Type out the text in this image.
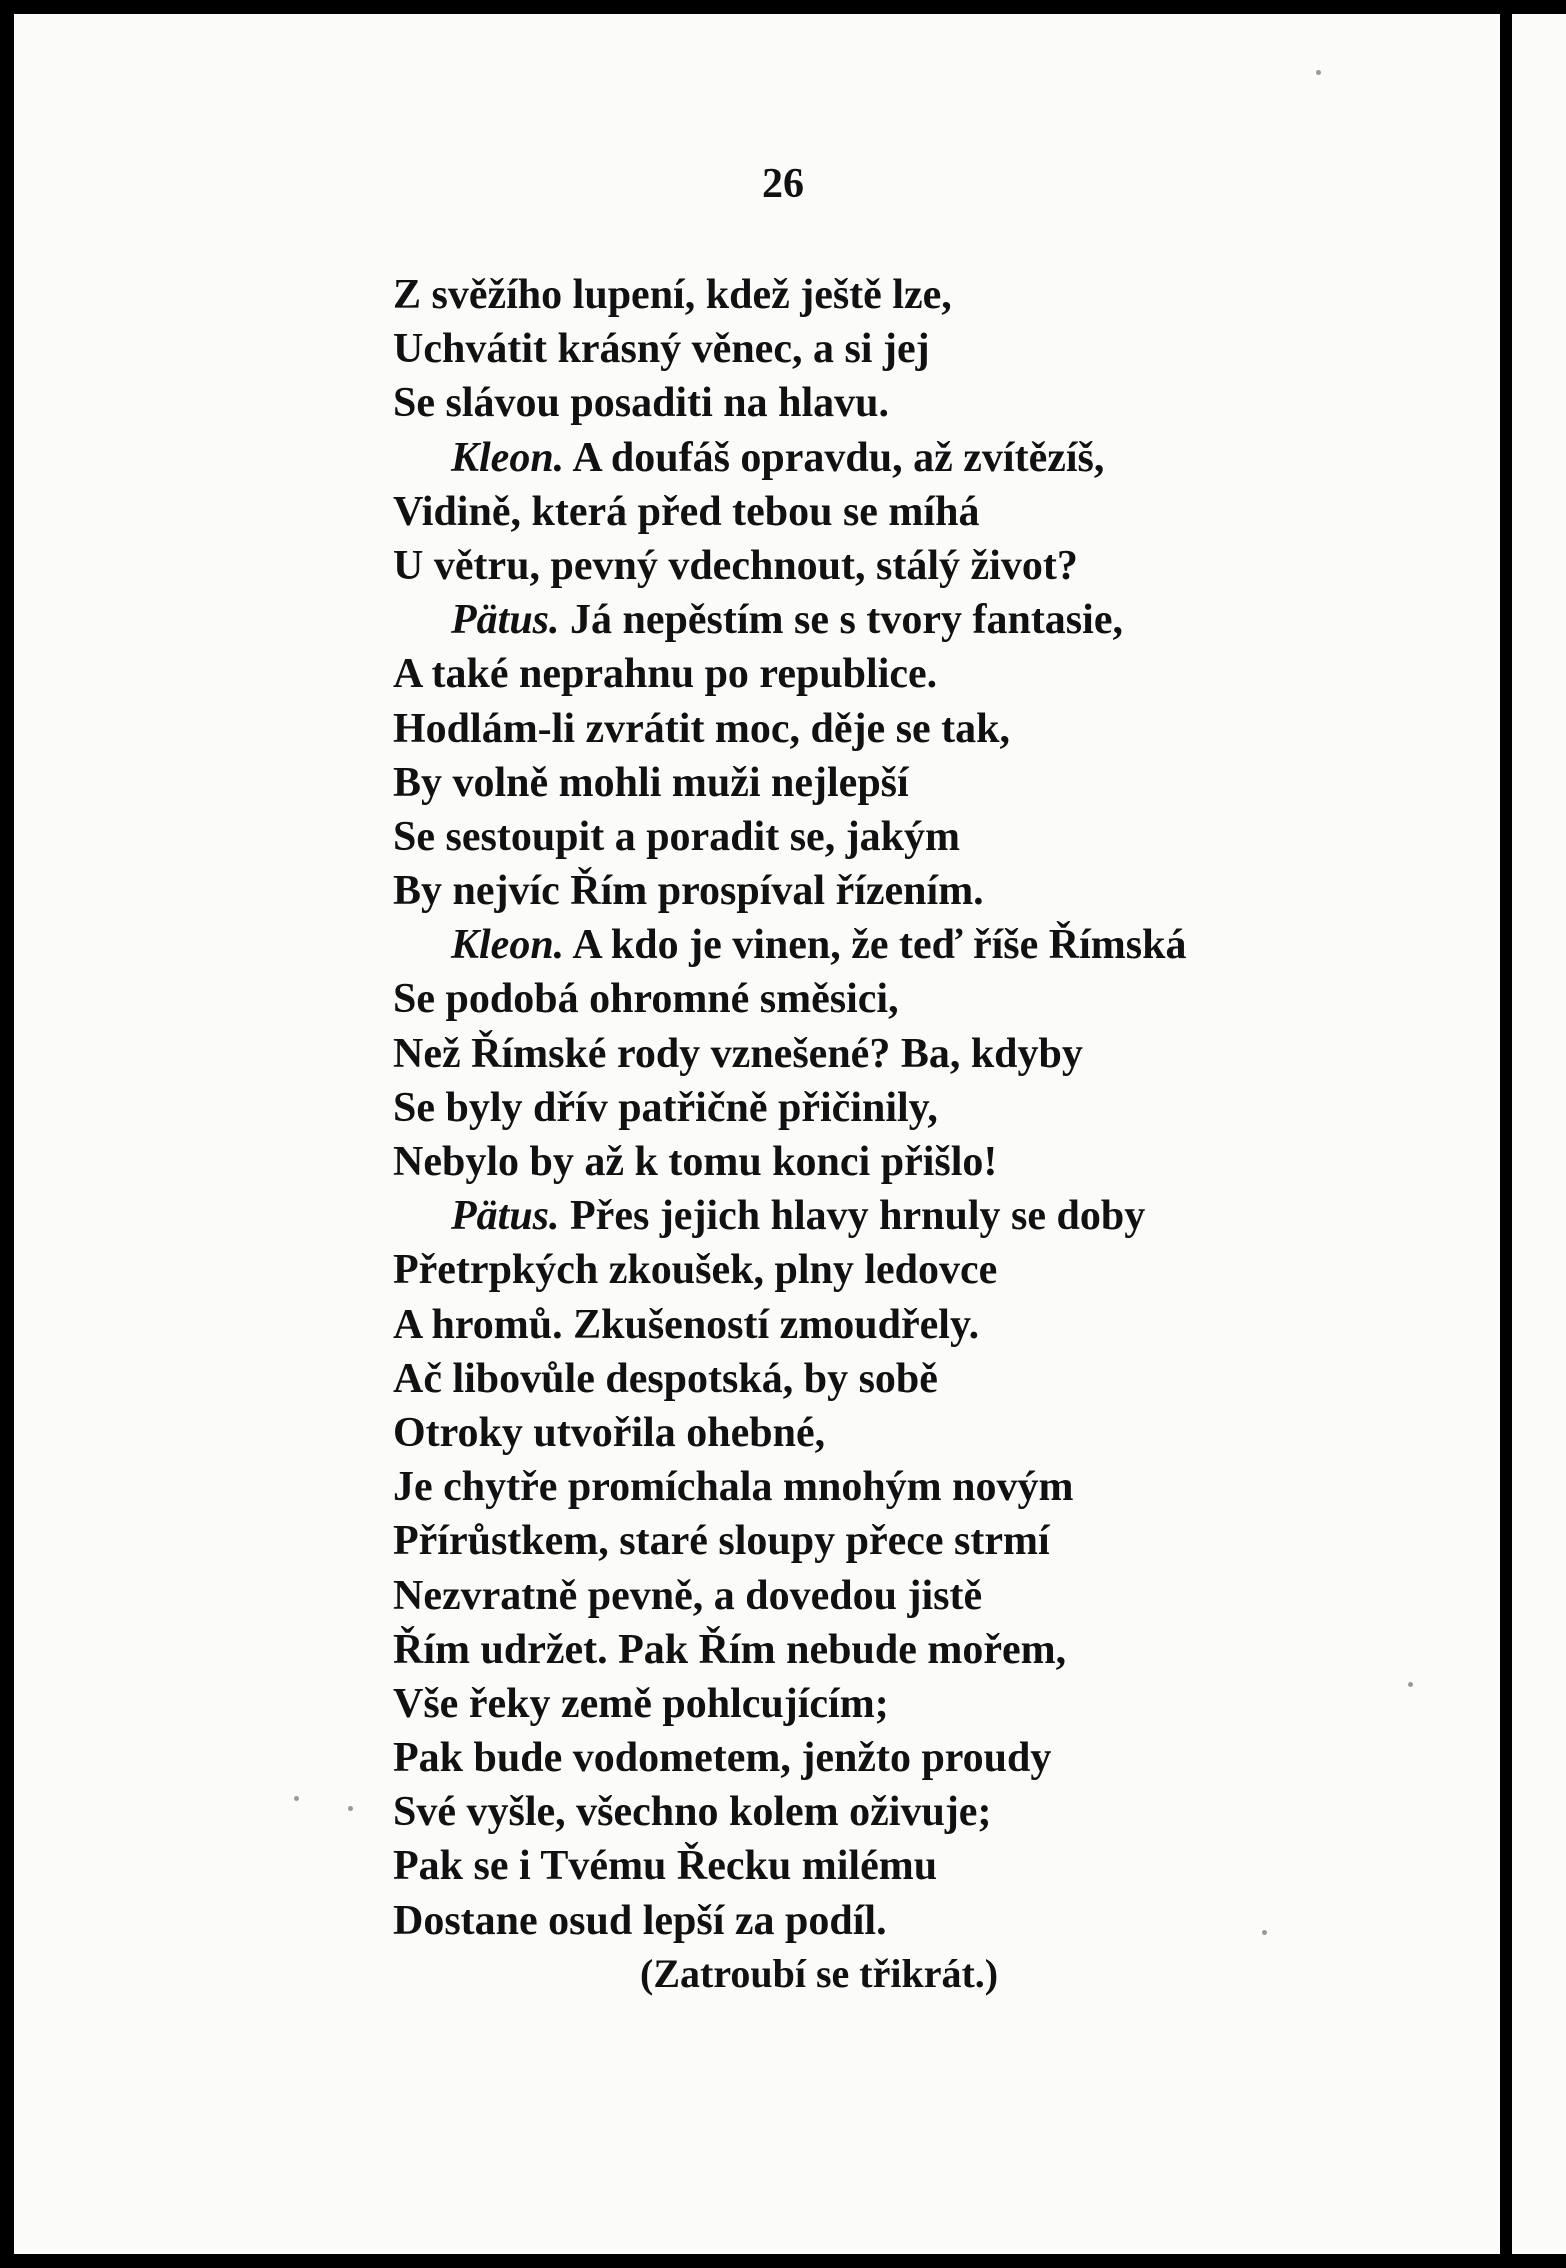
26
Z svěžího lupení, kdež ještě lze,
Uchvátit krásný věnec, a si jej
Se slávou posaditi na hlavu.
Kleon. A doufáš opravdu, až zvítězíš,
Vidině, která před tebou se míhá
U větru, pevný vdechnout, stálý život?
Pätus. Já nepěstím se s tvory fantasie,
A také neprahnu po republice.
Hodlám-li zvrátit moc, děje se tak,
By volně mohli muži nejlepší
Se sestoupit a poradit se, jakým
By nejvíc Řím prospíval řízením.
Kleon. A kdo je vinen, že teď říše Římská
Se podobá ohromné směsici,
Než Římské rody vznešené? Ba, kdyby
Se byly dřív patřičně přičinily,
Nebylo by až k tomu konci přišlo!
Pätus. Přes jejich hlavy hrnuly se doby
Přetrpkých zkoušek, plny ledovce
A hromů. Zkušeností zmoudřely.
Ač libovůle despotská, by sobě
Otroky utvořila ohebné,
Je chytře promíchala mnohým novým
Přírůstkem, staré sloupy přece strmí
Nezvratně pevně, a dovedou jistě
Řím udržet. Pak Řím nebude mořem,
Vše řeky země pohlcujícím;
Pak bude vodometem, jenžto proudy
Své vyšle, všechno kolem oživuje;
Pak se i Tvému Řecku milému
Dostane osud lepší za podíl.
(Zatroubí se třikrát.)
